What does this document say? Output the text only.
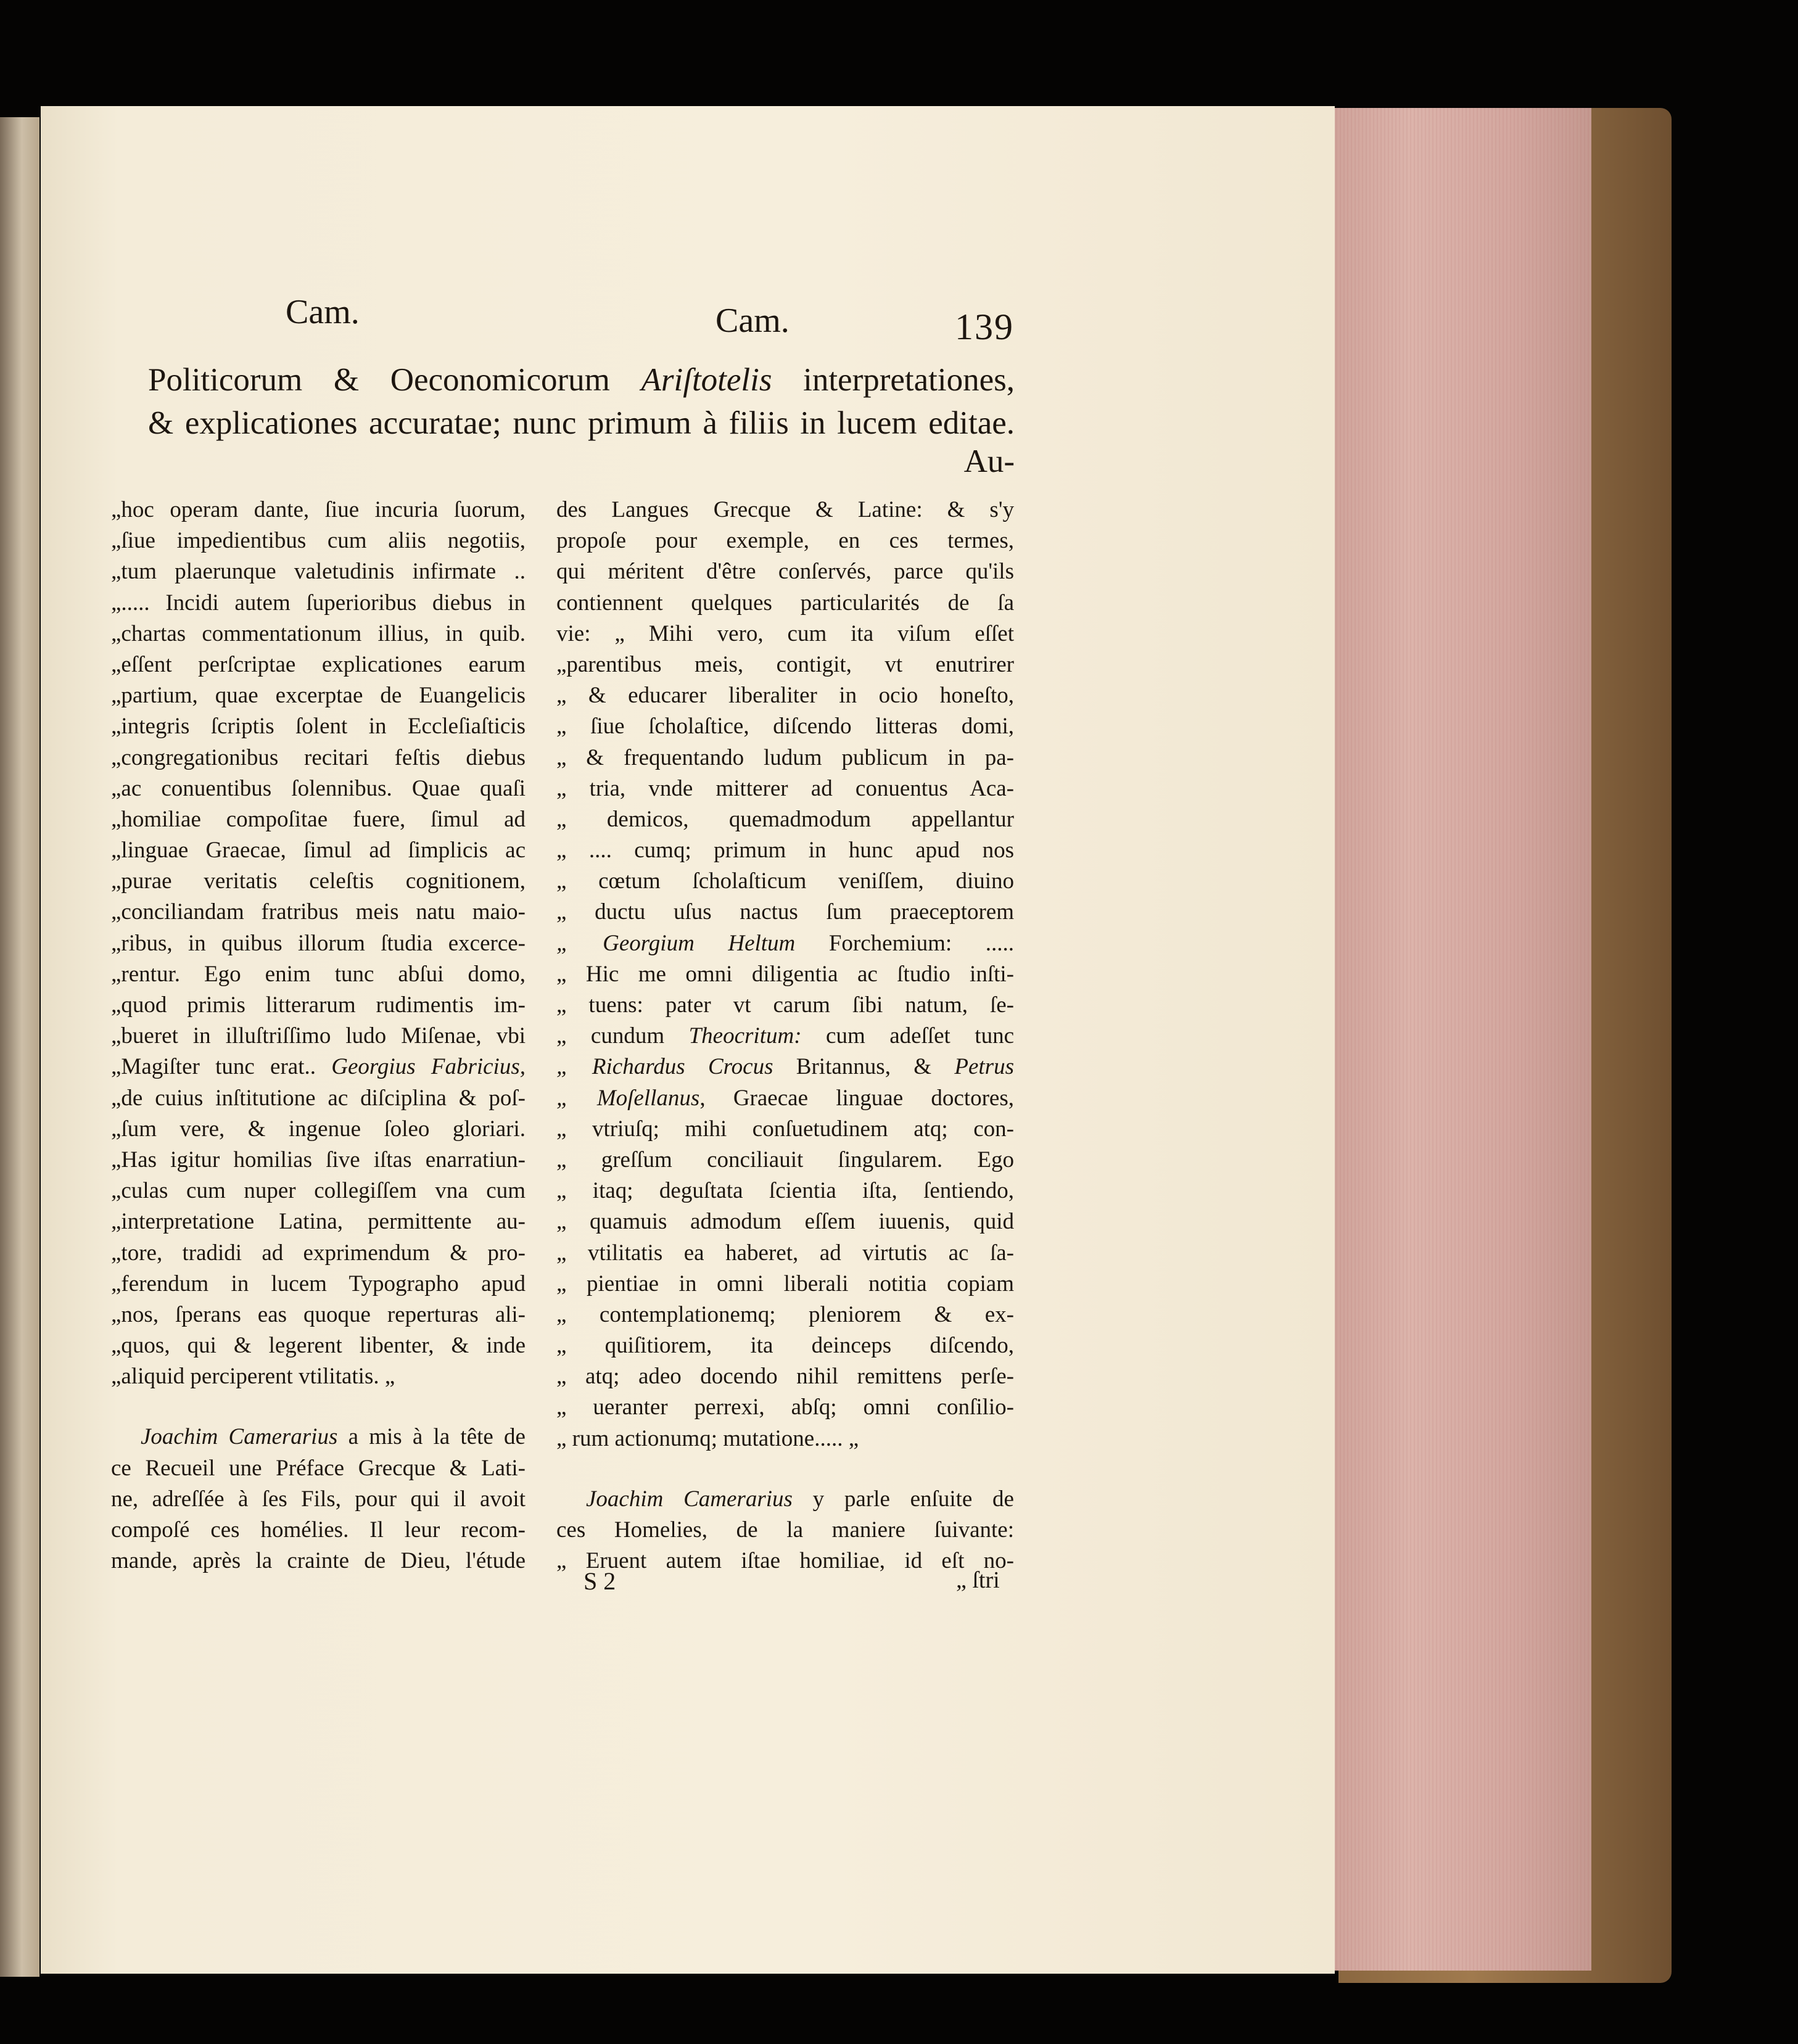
Cam.	Cam.	139
Politicorum & Oeconomicorum Ariſtotelis interpretationes,
& explicationes accuratae; nunc primum à filiis in lucem editae.
Au-
„hoc operam dante, ſiue incuria ſuorum,
„ſiue impedientibus cum aliis negotiis,
„tum plaerunque valetudinis infirmate ..
„..... Incidi autem ſuperioribus diebus in
„chartas commentationum illius, in quib.
„eſſent perſcriptae explicationes earum
„partium, quae excerptae de Euangelicis
„integris ſcriptis ſolent in Eccleſiaſticis
„congregationibus recitari feſtis diebus
„ac conuentibus ſolennibus. Quae quaſi
„homiliae compoſitae fuere, ſimul ad
„linguae Graecae, ſimul ad ſimplicis ac
„purae veritatis celeſtis cognitionem,
„conciliandam fratribus meis natu maio-
„ribus, in quibus illorum ſtudia excerce-
„rentur. Ego enim tunc abſui domo,
„quod primis litterarum rudimentis im-
„bueret in illuſtriſſimo ludo Miſenae, vbi
„Magiſter tunc erat.. Georgius Fabricius,
„de cuius inſtitutione ac diſciplina & poſ-
„ſum vere, & ingenue ſoleo gloriari.
„Has igitur homilias ſive iſtas enarratiun-
„culas cum nuper collegiſſem vna cum
„interpretatione Latina, permittente au-
„tore, tradidi ad exprimendum & pro-
„ferendum in lucem Typographo apud
„nos, ſperans eas quoque reperturas ali-
„quos, qui & legerent libenter, & inde
„aliquid perciperent vtilitatis. „
Joachim Camerarius a mis à la tête de
ce Recueil une Préface Grecque & Lati-
ne, adreſſée à ſes Fils, pour qui il avoit
compoſé ces homélies. Il leur recom-
mande, après la crainte de Dieu, l'étude
des Langues Grecque & Latine: & s'y
propoſe pour exemple, en ces termes,
qui méritent d'être conſervés, parce qu'ils
contiennent quelques particularités de ſa
vie: „ Mihi vero, cum ita viſum eſſet
„parentibus meis, contigit, vt enutrirer
„ & educarer liberaliter in ocio honeſto,
„ ſiue ſcholaſtice, diſcendo litteras domi,
„ & frequentando ludum publicum in pa-
„ tria, vnde mitterer ad conuentus Aca-
„ demicos, quemadmodum appellantur
„ .... cumq; primum in hunc apud nos
„ cœtum ſcholaſticum veniſſem, diuino
„ ductu uſus nactus ſum praeceptorem
„ Georgium Heltum Forchemium: .....
„ Hic me omni diligentia ac ſtudio inſti-
„ tuens: pater vt carum ſibi natum, ſe-
„ cundum Theocritum: cum adeſſet tunc
„ Richardus Crocus Britannus, & Petrus
„ Moſellanus, Graecae linguae doctores,
„ vtriuſq; mihi conſuetudinem atq; con-
„ greſſum conciliauit ſingularem. Ego
„ itaq; deguſtata ſcientia iſta, ſentiendo,
„ quamuis admodum eſſem iuuenis, quid
„ vtilitatis ea haberet, ad virtutis ac ſa-
„ pientiae in omni liberali notitia copiam
„ contemplationemq; pleniorem & ex-
„ quiſitiorem, ita deinceps diſcendo,
„ atq; adeo docendo nihil remittens perſe-
„ ueranter perrexi, abſq; omni conſilio-
„ rum actionumq; mutatione..... „
Joachim Camerarius y parle enſuite de
ces Homelies, de la maniere ſuivante:
„ Eruent autem iſtae homiliae, id eſt no-
S 2	„ ſtri
